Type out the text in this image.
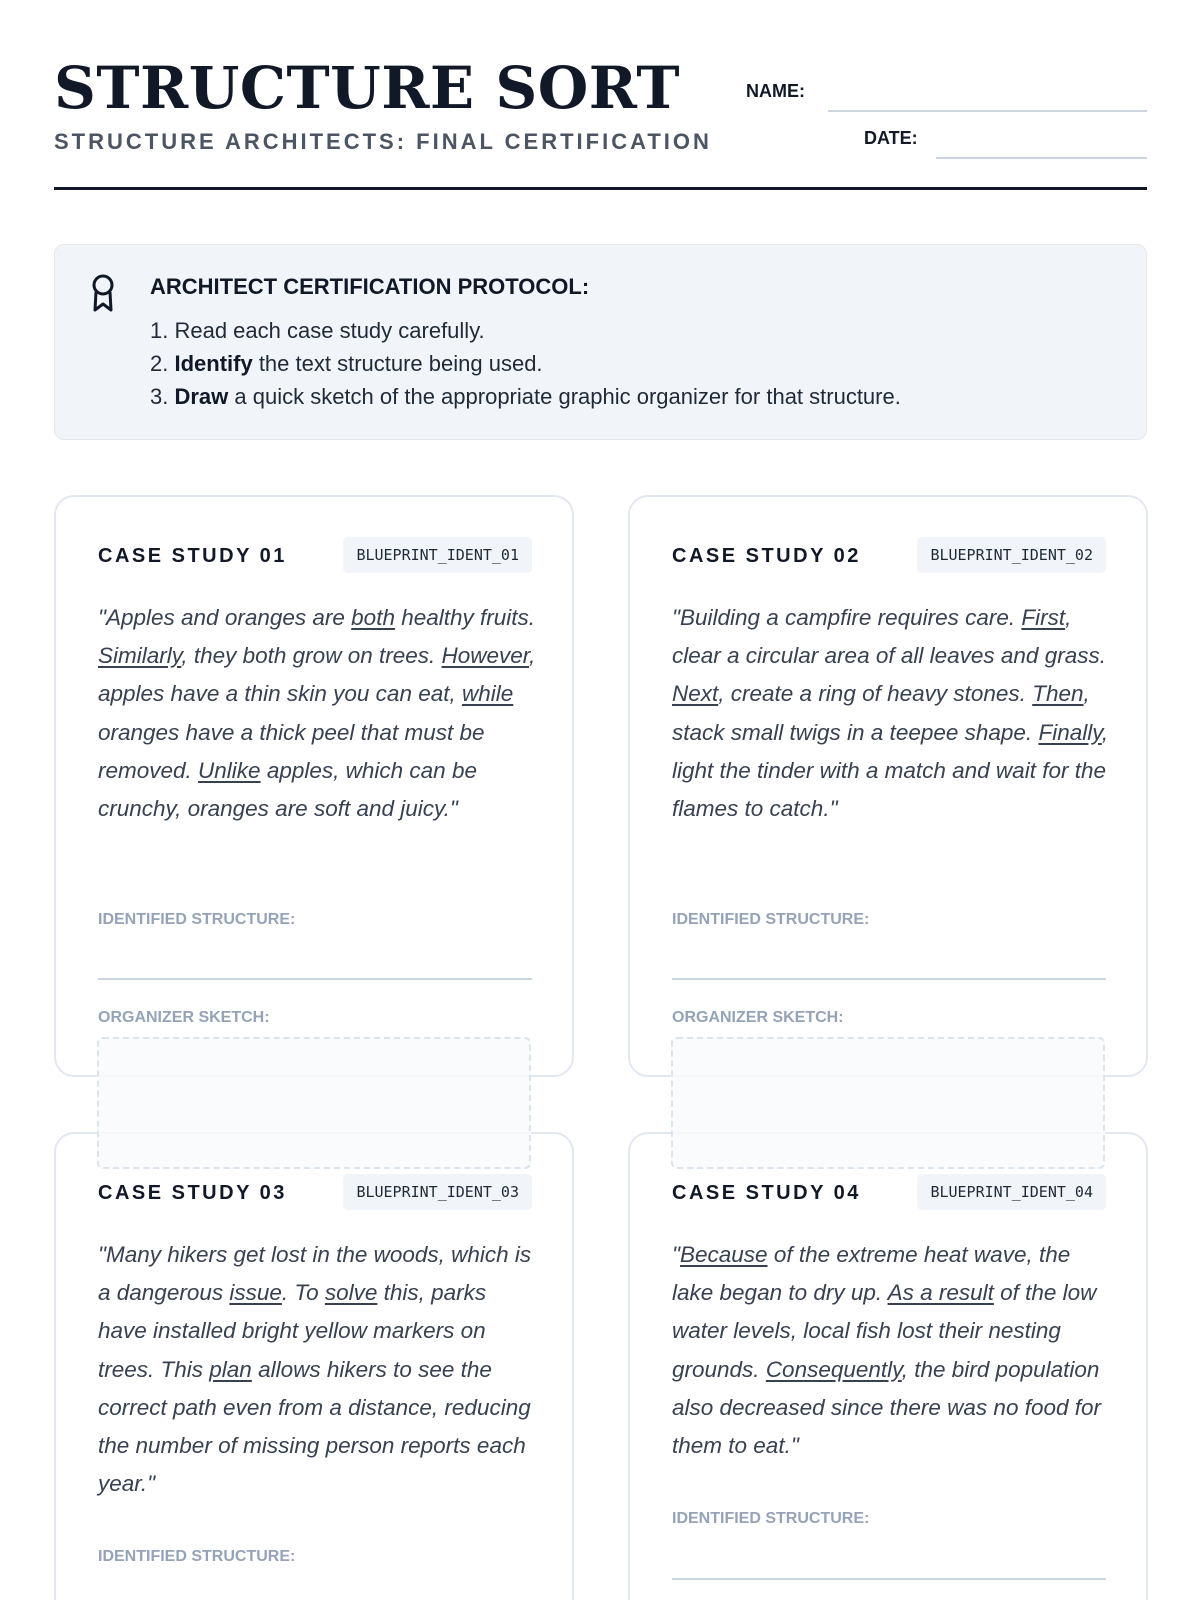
STRUCTURE SORT
STRUCTURE ARCHITECTS: FINAL CERTIFICATION
NAME:
DATE:
ARCHITECT CERTIFICATION PROTOCOL:
1. Read each case study carefully.
2. Identify the text structure being used.
3. Draw a quick sketch of the appropriate graphic organizer for that structure.
CASE STUDY 01	BLUEPRINT_IDENT_01
"Apples and oranges are both healthy fruits. Similarly, they both grow on trees. However, apples have a thin skin you can eat, while oranges have a thick peel that must be removed. Unlike apples, which can be crunchy, oranges are soft and juicy."
IDENTIFIED STRUCTURE:
ORGANIZER SKETCH:
CASE STUDY 02	BLUEPRINT_IDENT_02
"Building a campfire requires care. First, clear a circular area of all leaves and grass. Next, create a ring of heavy stones. Then, stack small twigs in a teepee shape. Finally, light the tinder with a match and wait for the flames to catch."
IDENTIFIED STRUCTURE:
ORGANIZER SKETCH:
CASE STUDY 03	BLUEPRINT_IDENT_03
"Many hikers get lost in the woods, which is a dangerous issue. To solve this, parks have installed bright yellow markers on trees. This plan allows hikers to see the correct path even from a distance, reducing the number of missing person reports each year."
IDENTIFIED STRUCTURE:
CASE STUDY 04	BLUEPRINT_IDENT_04
"Because of the extreme heat wave, the lake began to dry up. As a result of the low water levels, local fish lost their nesting grounds. Consequently, the bird population also decreased since there was no food for them to eat."
IDENTIFIED STRUCTURE:
